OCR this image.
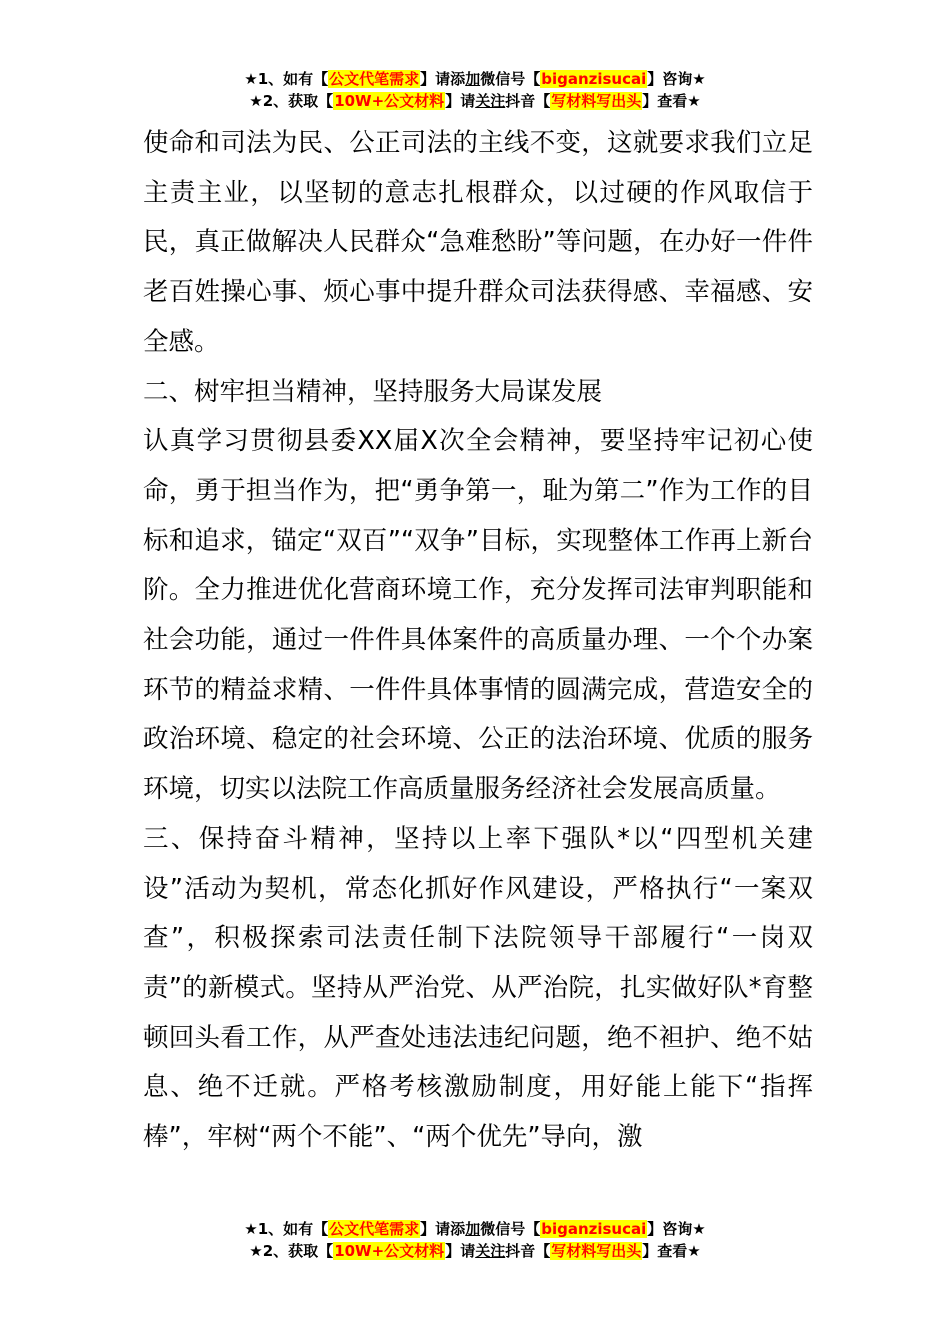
★1、如有【公文代笔需求】请添加微信号【biganzisucai】咨询★
★2、获取【10W+公文材料】请关注抖音【写材料写出头】查看★

使命和司法为民、公正司法的主线不变，这就要求我们立足主责主业，以坚韧的意志扎根群众，以过硬的作风取信于民，真正做解决人民群众“急难愁盼”等问题，在办好一件件老百姓操心事、烦心事中提升群众司法获得感、幸福感、安全感。

二、树牢担当精神，坚持服务大局谋发展

认真学习贯彻县委XX届X次全会精神，要坚持牢记初心使命，勇于担当作为，把“勇争第一，耻为第二”作为工作的目标和追求，锚定“双百”“双争”目标，实现整体工作再上新台阶。全力推进优化营商环境工作，充分发挥司法审判职能和社会功能，通过一件件具体案件的高质量办理、一个个办案环节的精益求精、一件件具体事情的圆满完成，营造安全的政治环境、稳定的社会环境、公正的法治环境、优质的服务环境，切实以法院工作高质量服务经济社会发展高质量。

三、保持奋斗精神，坚持以上率下强队*以“四型机关建设”活动为契机，常态化抓好作风建设，严格执行“一案双查”，积极探索司法责任制下法院领导干部履行“一岗双责”的新模式。坚持从严治党、从严治院，扎实做好队*育整顿回头看工作，从严查处违法违纪问题，绝不袒护、绝不姑息、绝不迁就。严格考核激励制度，用好能上能下“指挥棒”，牢树“两个不能”、“两个优先”导向，激

★1、如有【公文代笔需求】请添加微信号【biganzisucai】咨询★
★2、获取【10W+公文材料】请关注抖音【写材料写出头】查看★
